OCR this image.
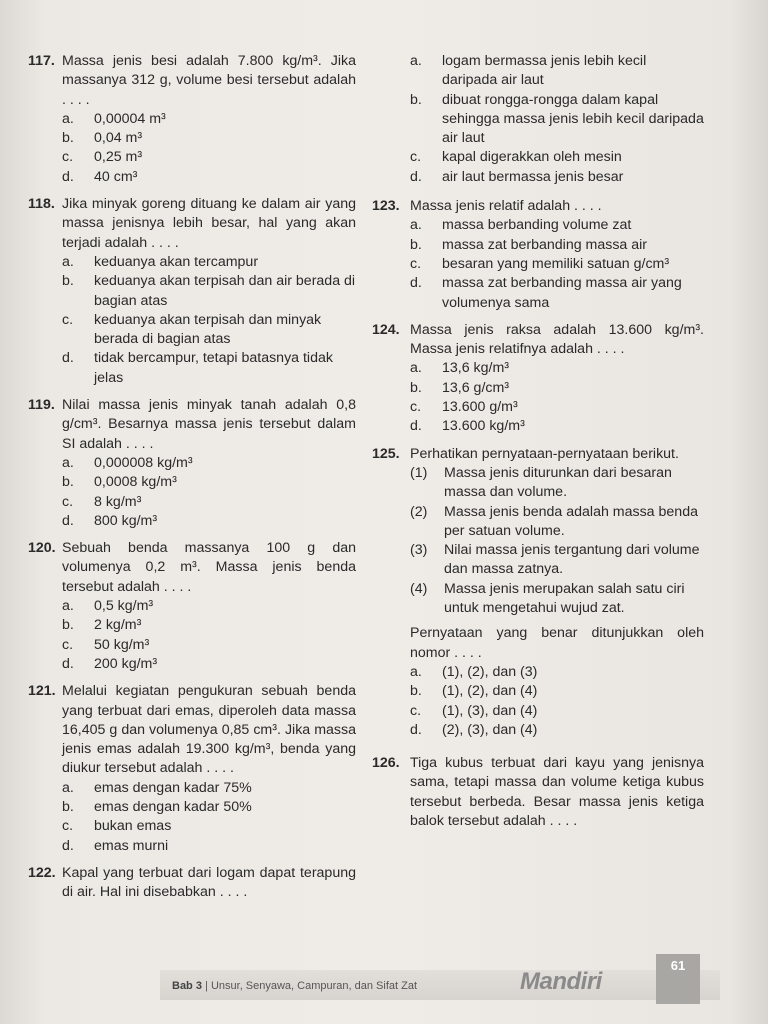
117. Massa jenis besi adalah 7.800 kg/m³. Jika massanya 312 g, volume besi tersebut adalah . . . .
a.	0,00004 m³
b.	0,04 m³
c.	0,25 m³
d.	40 cm³
118. Jika minyak goreng dituang ke dalam air yang massa jenisnya lebih besar, hal yang akan terjadi adalah . . . .
a.	keduanya akan tercampur
b.	keduanya akan terpisah dan air berada di bagian atas
c.	keduanya akan terpisah dan minyak berada di bagian atas
d.	tidak bercampur, tetapi batasnya tidak jelas
119. Nilai massa jenis minyak tanah adalah 0,8 g/cm³. Besarnya massa jenis tersebut dalam SI adalah . . . .
a.	0,000008 kg/m³
b.	0,0008 kg/m³
c.	8 kg/m³
d.	800 kg/m³
120. Sebuah benda massanya 100 g dan volumenya 0,2 m³. Massa jenis benda tersebut adalah . . . .
a.	0,5 kg/m³
b.	2 kg/m³
c.	50 kg/m³
d.	200 kg/m³
121. Melalui kegiatan pengukuran sebuah benda yang terbuat dari emas, diperoleh data massa 16,405 g dan volumenya 0,85 cm³. Jika massa jenis emas adalah 19.300 kg/m³, benda yang diukur tersebut adalah . . . .
a.	emas dengan kadar 75%
b.	emas dengan kadar 50%
c.	bukan emas
d.	emas murni
122. Kapal yang terbuat dari logam dapat terapung di air. Hal ini disebabkan . . . .
a.	logam bermassa jenis lebih kecil daripada air laut
b.	dibuat rongga-rongga dalam kapal sehingga massa jenis lebih kecil daripada air laut
c.	kapal digerakkan oleh mesin
d.	air laut bermassa jenis besar
123. Massa jenis relatif adalah . . . .
a.	massa berbanding volume zat
b.	massa zat berbanding massa air
c.	besaran yang memiliki satuan g/cm³
d.	massa zat berbanding massa air yang volumenya sama
124. Massa jenis raksa adalah 13.600 kg/m³. Massa jenis relatifnya adalah . . . .
a.	13,6 kg/m³
b.	13,6 g/cm³
c.	13.600 g/m³
d.	13.600 kg/m³
125. Perhatikan pernyataan-pernyataan berikut.
(1)	Massa jenis diturunkan dari besaran massa dan volume.
(2)	Massa jenis benda adalah massa benda per satuan volume.
(3)	Nilai massa jenis tergantung dari volume dan massa zatnya.
(4)	Massa jenis merupakan salah satu ciri untuk mengetahui wujud zat.
Pernyataan yang benar ditunjukkan oleh nomor . . . .
a.	(1), (2), dan (3)
b.	(1), (2), dan (4)
c.	(1), (3), dan (4)
d.	(2), (3), dan (4)
126. Tiga kubus terbuat dari kayu yang jenisnya sama, tetapi massa dan volume ketiga kubus tersebut berbeda. Besar massa jenis ketiga balok tersebut adalah . . . .
Bab 3 | Unsur, Senyawa, Campuran, dan Sifat Zat	Mandiri
61
